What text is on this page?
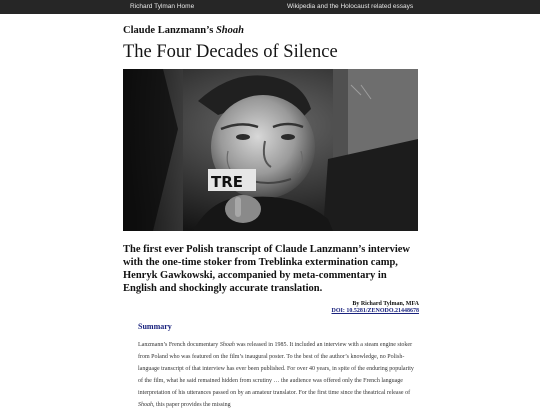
Richard Tylman Home	Wikipedia and the Holocaust related essays
Claude Lanzmann’s Shoah
The Four Decades of Silence
TRE

The first ever Polish transcript of Claude Lanzmann’s interview with the one-time stoker from Treblinka extermination camp, Henryk Gawkowski, accompanied by meta-commentary in English and shockingly accurate translation.

By Richard Tylman, MFA
DOI: 10.5281/ZENODO.21448678
Summary

Lanzmann’s French documentary Shoah was released in 1985. It included an interview with a steam engine stoker from Poland who was featured on the film’s inaugural poster. To the best of the author’s knowledge, no Polish-language transcript of that interview has ever been published. For over 40 years, in spite of the enduring popularity of the film, what he said remained hidden from scrutiny … the audience was offered only the French language interpretation of his utterances passed on by an amateur translator. For the first time since the theatrical release of Shoah, this paper provides the missing
